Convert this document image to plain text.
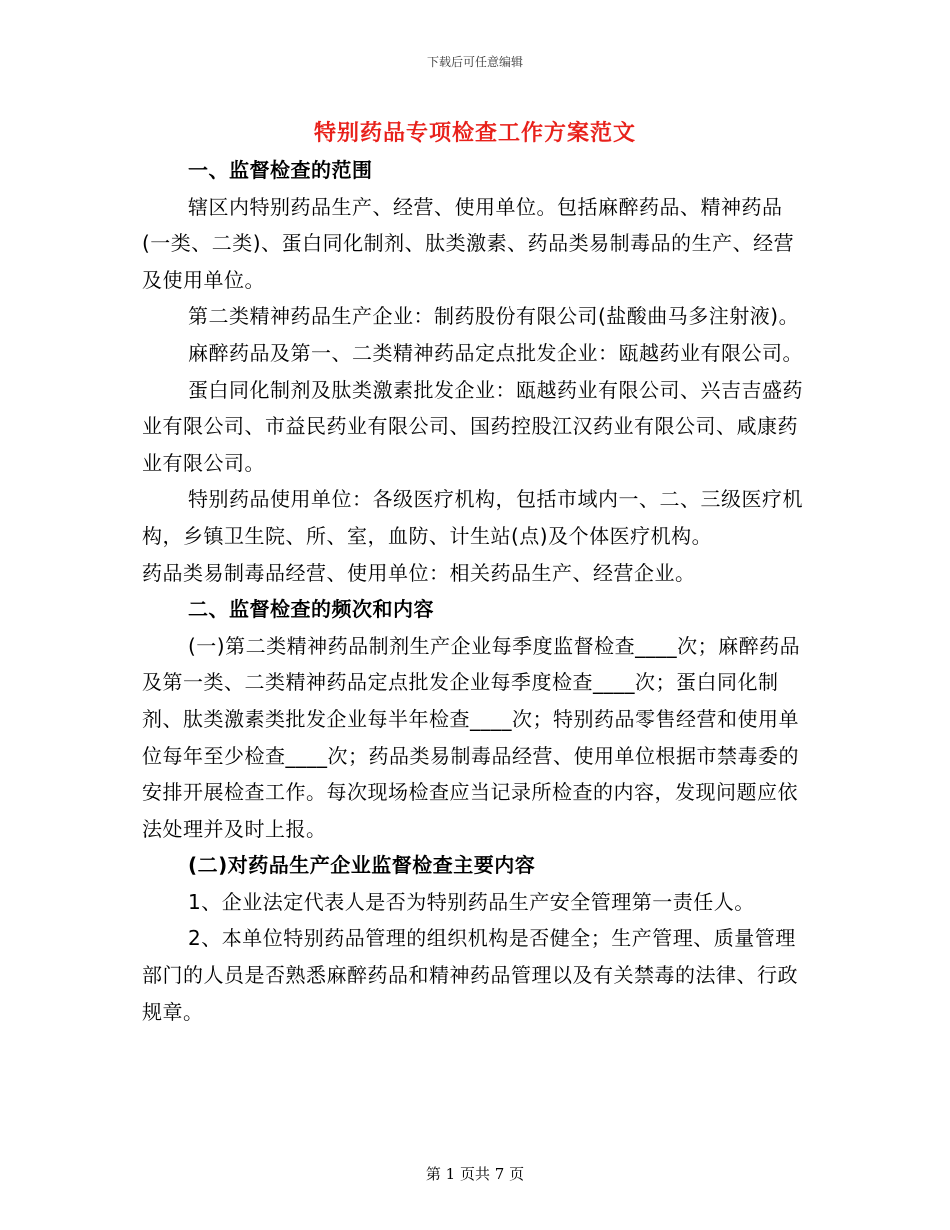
下载后可任意编辑
特别药品专项检查工作方案范文

一、监督检查的范围

辖区内特别药品生产、经营、使用单位。包括麻醉药品、精神药品(一类、二类)、蛋白同化制剂、肽类激素、药品类易制毒品的生产、经营及使用单位。

第二类精神药品生产企业：制药股份有限公司(盐酸曲马多注射液)。

麻醉药品及第一、二类精神药品定点批发企业：瓯越药业有限公司。

蛋白同化制剂及肽类激素批发企业：瓯越药业有限公司、兴吉吉盛药业有限公司、市益民药业有限公司、国药控股江汉药业有限公司、咸康药业有限公司。

特别药品使用单位：各级医疗机构，包括市域内一、二、三级医疗机构，乡镇卫生院、所、室，血防、计生站(点)及个体医疗机构。

药品类易制毒品经营、使用单位：相关药品生产、经营企业。

二、监督检查的频次和内容

(一)第二类精神药品制剂生产企业每季度监督检查____次；麻醉药品及第一类、二类精神药品定点批发企业每季度检查____次；蛋白同化制剂、肽类激素类批发企业每半年检查____次；特别药品零售经营和使用单位每年至少检查____次；药品类易制毒品经营、使用单位根据市禁毒委的安排开展检查工作。每次现场检查应当记录所检查的内容，发现问题应依法处理并及时上报。

(二)对药品生产企业监督检查主要内容

1、企业法定代表人是否为特别药品生产安全管理第一责任人。

2、本单位特别药品管理的组织机构是否健全；生产管理、质量管理部门的人员是否熟悉麻醉药品和精神药品管理以及有关禁毒的法律、行政规章。

第 1 页共 7 页
